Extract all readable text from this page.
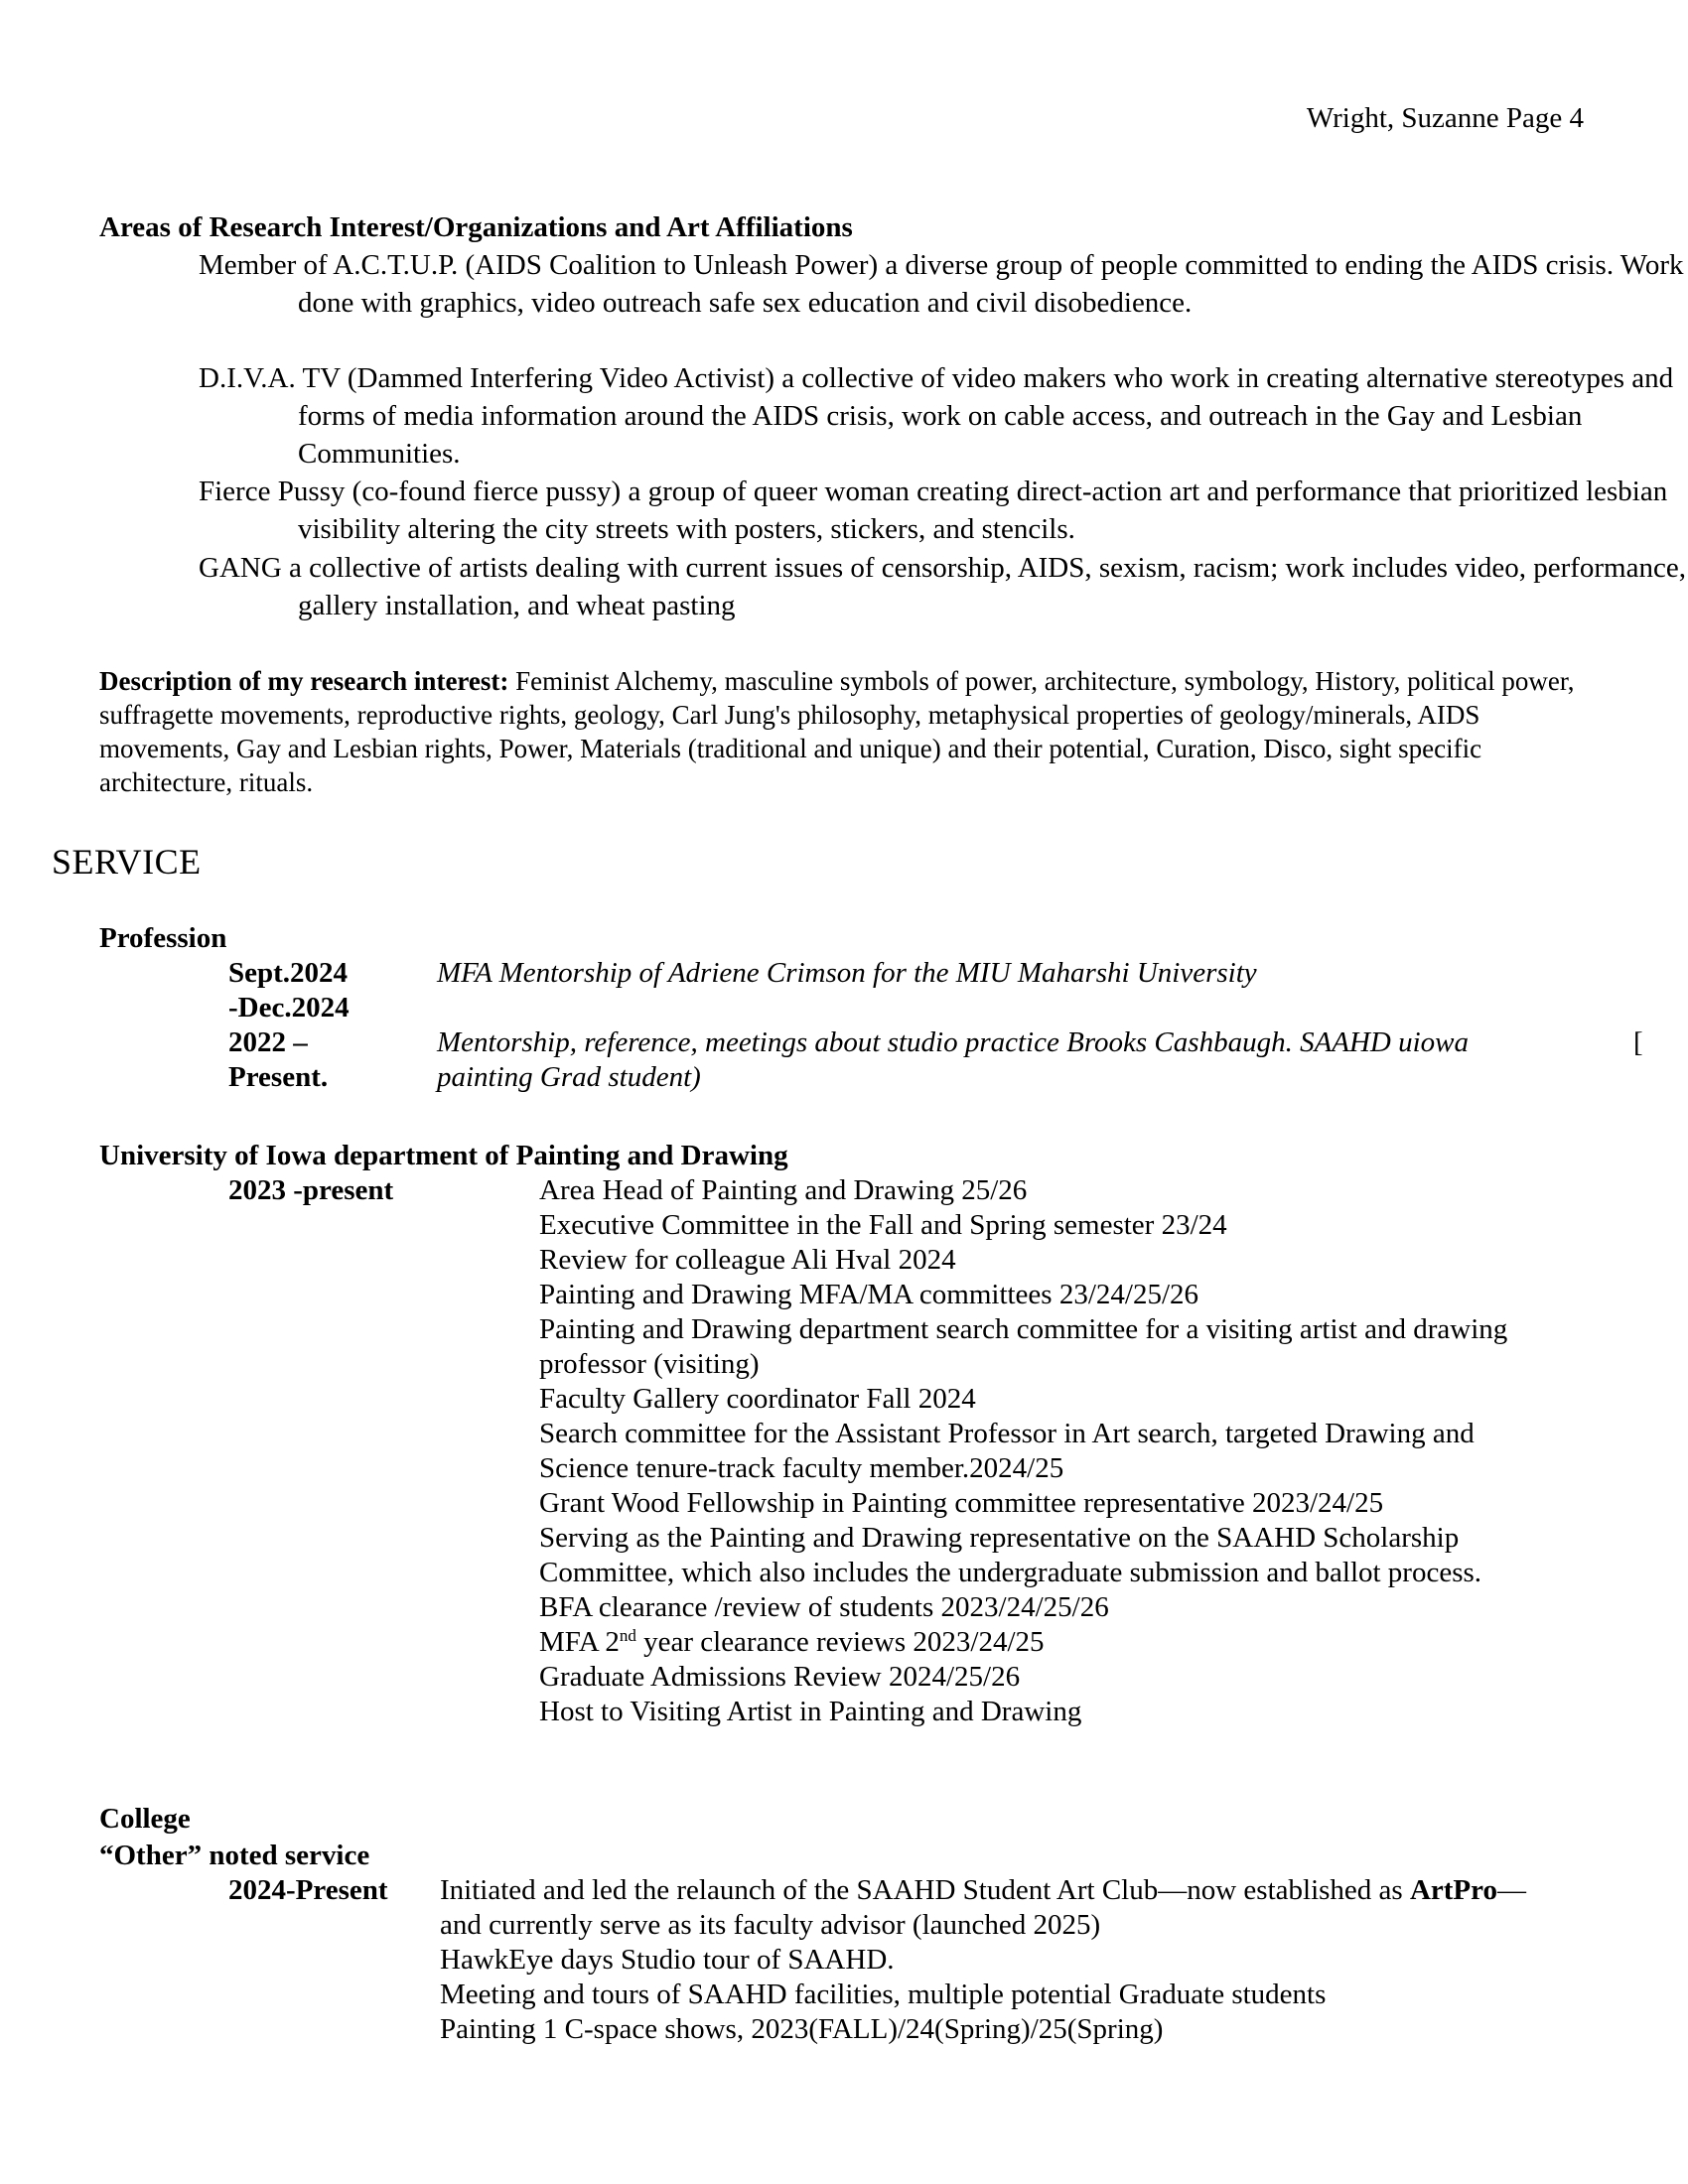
Wright, Suzanne Page 4
Areas of Research Interest/Organizations and Art Affiliations
Member of A.C.T.U.P. (AIDS Coalition to Unleash Power) a diverse group of people committed to ending the AIDS crisis. Work done with graphics, video outreach safe sex education and civil disobedience.
D.I.V.A. TV (Dammed Interfering Video Activist) a collective of video makers who work in creating alternative stereotypes and forms of media information around the AIDS crisis, work on cable access, and outreach in the Gay and Lesbian Communities.
Fierce Pussy (co-found fierce pussy) a group of queer woman creating direct-action art and performance that prioritized lesbian visibility altering the city streets with posters, stickers, and stencils.
GANG a collective of artists dealing with current issues of censorship, AIDS, sexism, racism; work includes video, performance, gallery installation, and wheat pasting
Description of my research interest: Feminist Alchemy, masculine symbols of power, architecture, symbology, History, political power, suffragette movements, reproductive rights, geology, Carl Jung's philosophy, metaphysical properties of geology/minerals, AIDS movements, Gay and Lesbian rights, Power, Materials (traditional and unique) and their potential, Curation, Disco, sight specific architecture, rituals.
SERVICE
Profession
Sept.2024
-Dec.2024
MFA Mentorship of Adriene Crimson for the MIU Maharshi University
2022 –
Present.
Mentorship, reference, meetings about studio practice Brooks Cashbaugh. SAAHD uiowa
painting Grad student)
[
University of Iowa department of Painting and Drawing
2023 -present	Area Head of Painting and Drawing 25/26
Executive Committee in the Fall and Spring semester 23/24
Review for colleague Ali Hval 2024
Painting and Drawing MFA/MA committees 23/24/25/26
Painting and Drawing department search committee for a visiting artist and drawing
professor (visiting)
Faculty Gallery coordinator Fall 2024
Search committee for the Assistant Professor in Art search, targeted Drawing and
Science tenure-track faculty member.2024/25
Grant Wood Fellowship in Painting committee representative 2023/24/25
Serving as the Painting and Drawing representative on the SAAHD Scholarship
Committee, which also includes the undergraduate submission and ballot process.
BFA clearance /review of students 2023/24/25/26
MFA 2nd year clearance reviews 2023/24/25
Graduate Admissions Review 2024/25/26
Host to Visiting Artist in Painting and Drawing
College
“Other” noted service
2024-Present Initiated and led the relaunch of the SAAHD Student Art Club—now established as ArtPro—
and currently serve as its faculty advisor (launched 2025)
HawkEye days Studio tour of SAAHD.
Meeting and tours of SAAHD facilities, multiple potential Graduate students
Painting 1 C-space shows, 2023(FALL)/24(Spring)/25(Spring)
